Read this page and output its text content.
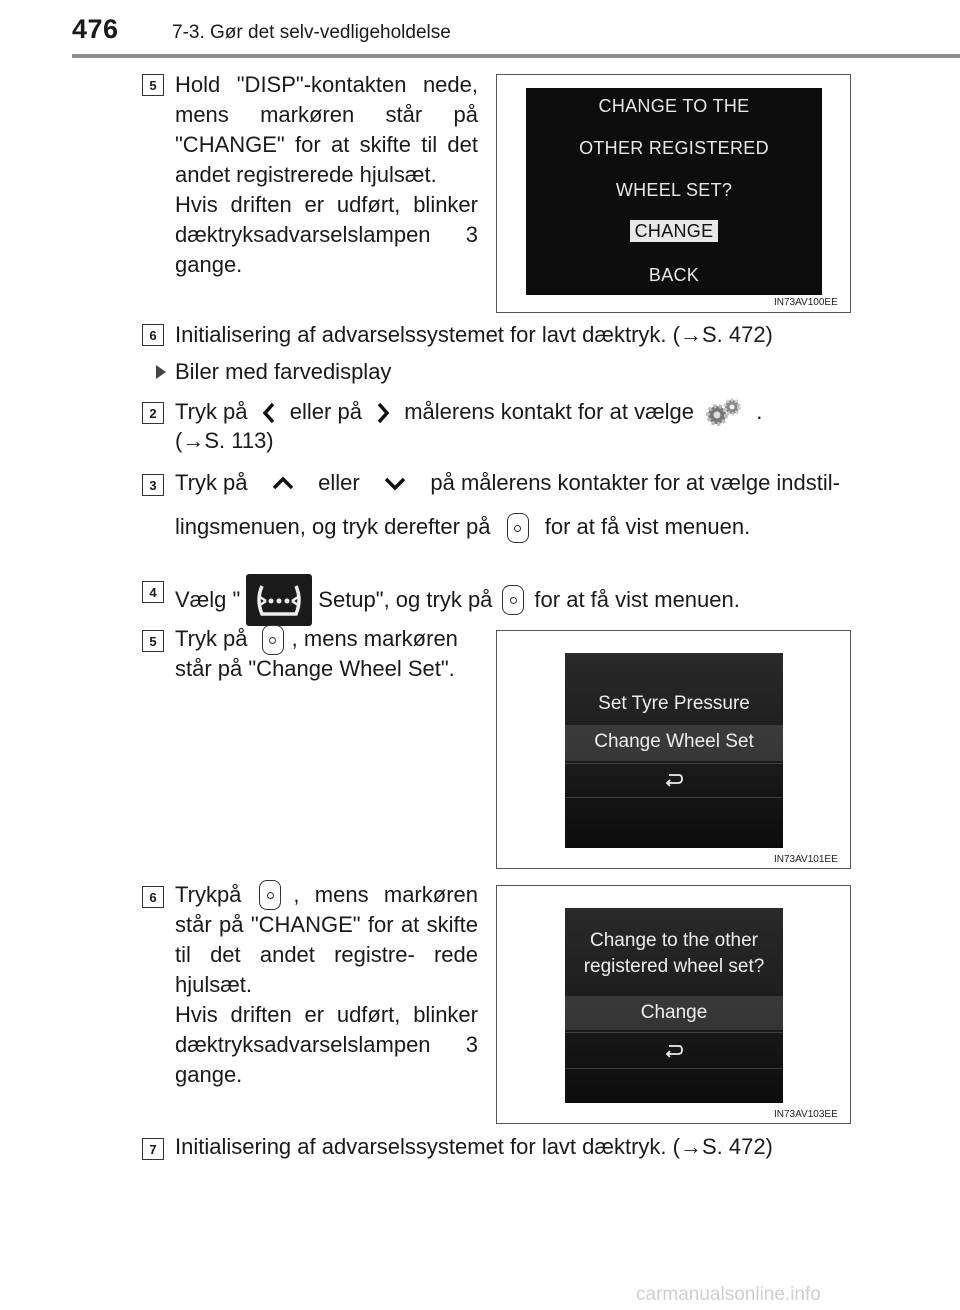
476	7-3. Gør det selv-vedligeholdelse
5 Hold "DISP"-kontakten nede, mens markøren står på "CHANGE" for at skifte til det andet registrerede hjulsæt.
Hvis driften er udført, blinker dæktryksadvarselslampen 3 gange.
CHANGE TO THE
OTHER REGISTERED
WHEEL SET?
CHANGE
BACK
IN73AV100EE
6 Initialisering af advarselssystemet for lavt dæktryk. (→S. 472)
Biler med farvedisplay
2 Tryk på eller på målerens kontakt for at vælge	.
(→S. 113)
3 Tryk på	eller	på målerens kontakter for at vælge indstil-
lingsmenuen, og tryk derefter på for at få vist menuen.
4 Vælg "	Setup", og tryk på for at få vist menuen.
5 Tryk på , mens markøren
står på "Change Wheel Set".
Set Tyre Pressure
Change Wheel Set
IN73AV101EE
6 Trykpå , mens markøren
står på "CHANGE" for at skifte til det andet registre- rede hjulsæt.
Hvis driften er udført, blinker dæktryksadvarselslampen 3 gange.
Change to the other
registered wheel set?
Change
IN73AV103EE
7 Initialisering af advarselssystemet for lavt dæktryk. (→S. 472)
carmanualsonline.info
